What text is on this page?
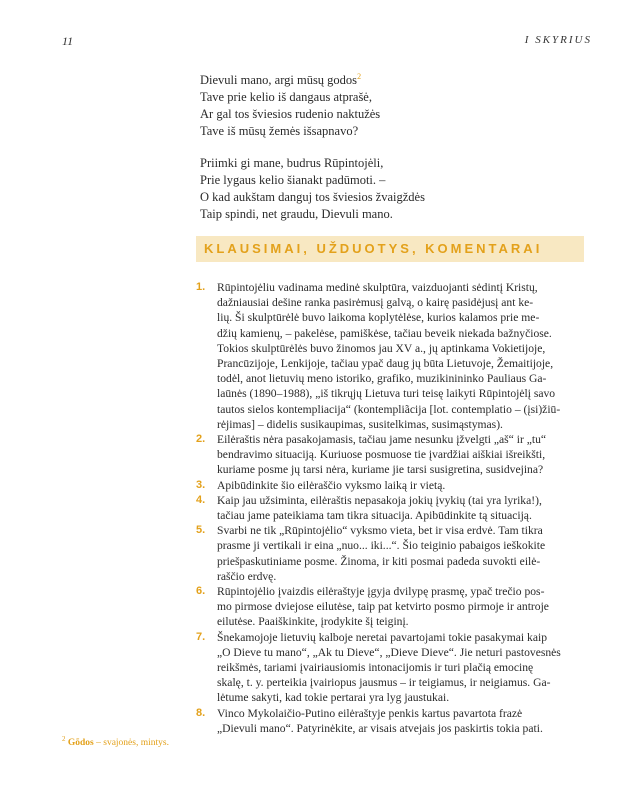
11	I SKYRIUS
Dievuli mano, argi mūsų godos$^2$
Tave prie kelio iš dangaus atprašė,
Ar gal tos šviesios rudenio naktužės
Tave iš mūsų žemės išsapnavo?
Priimki gi mane, budrus Rūpintojėli,
Prie lygaus kelio šianakt padūmoti. –
O kad aukštam danguj tos šviesios žvaigždės
Taip spindi, net graudu, Dievuli mano.
KLAUSIMAI, UŽDUOTYS, KOMENTARAI
1. Rūpintojėliu vadinama medinė skulptūra, vaizduojanti sėdintį Kristų,
dažniausiai dešine ranka pasirėmusį galvą, o kairę pasidėjusį ant ke-
lių. Ši skulptūrėlė buvo laikoma koplytėlėse, kurios kalamos prie me-
džių kamienų, – pakelėse, pamiškėse, tačiau beveik niekada bažnyčiose.
Tokios skulptūrėlės buvo žinomos jau XV a., jų aptinkama Vokietijoje,
Prancūzijoje, Lenkijoje, tačiau ypač daug jų būta Lietuvoje, Žemaitijoje,
todėl, anot lietuvių meno istoriko, grafiko, muzikinininko Pauliaus Ga-
laūnės (1890–1988), „iš tikrųjų Lietuva turi teisę laikyti Rūpintojėlį savo
tautos sielos kontempliacija“ (kontempliãcija [lot. contemplatio – (įsi)žiū-
rėjimas] – didelis susikaupimas, susitelkimas, susimąstymas).
2. Eilėraštis nėra pasakojamasis, tačiau jame nesunku įžvelgti „aš“ ir „tu“
bendravimo situaciją. Kuriuose posmuose tie įvardžiai aiškiai išreikšti,
kuriame posme jų tarsi nėra, kuriame jie tarsi susigretina, susidvejina?
3. Apibūdinkite šio eilėraščio vyksmo laiką ir vietą.
4. Kaip jau užsiminta, eilėraštis nepasakoja jokių įvykių (tai yra lyrika!),
tačiau jame pateikiama tam tikra situacija. Apibūdinkite tą situaciją.
5. Svarbi ne tik „Rūpintojėlio“ vyksmo vieta, bet ir visa erdvė. Tam tikra
prasme ji vertikali ir eina „nuo... iki...“. Šio teiginio pabaigos ieškokite
priešpaskutiniame posme. Žinoma, ir kiti posmai padeda suvokti eilė-
raščio erdvę.
6. Rūpintojėlio įvaizdis eilėraštyje įgyja dvilypę prasmę, ypač trečio pos-
mo pirmose dviejose eilutėse, taip pat ketvirto posmo pirmoje ir antroje
eilutėse. Paaiškinkite, įrodykite šį teiginį.
7. Šnekamojoje lietuvių kalboje neretai pavartojami tokie pasakymai kaip
„O Dieve tu mano“, „Ak tu Dieve“, „Dieve Dieve“. Jie neturi pastovesnės
reikšmės, tariami įvairiausiomis intonacijomis ir turi plačią emocinę
skalę, t. y. perteikia įvairiopus jausmus – ir teigiamus, ir neigiamus. Ga-
lėtume sakyti, kad tokie pertarai yra lyg jaustukai.
8. Vinco Mykolaičio-Putino eilėraštyje penkis kartus pavartota frazė
„Dievuli mano“. Patyrinėkite, ar visais atvejais jos paskirtis tokia pati.
$^2$ Gõdos – svajonės, mintys.
